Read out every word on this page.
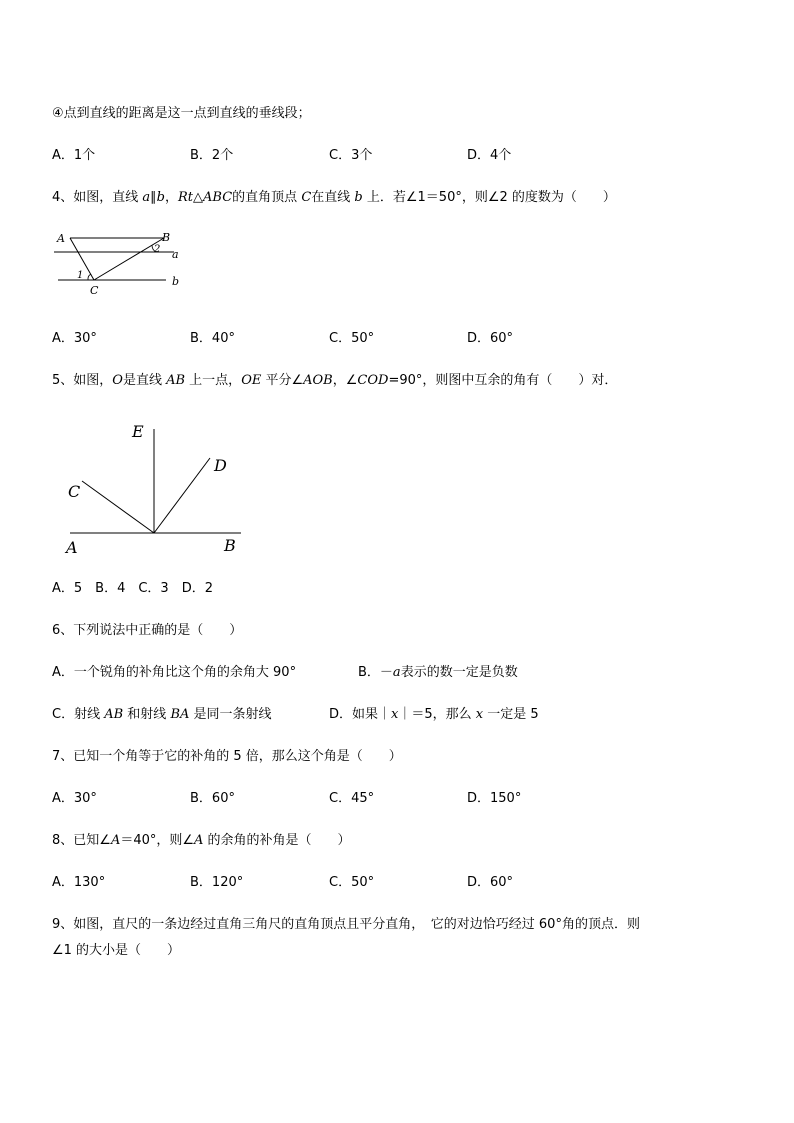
④点到直线的距离是这一点到直线的垂线段；
A．1个	B．2个	C．3个	D．4个
4、如图，直线 a∥b，Rt△ABC的直角顶点 C在直线 b 上．若∠1＝50°，则∠2 的度数为（　　）
A	B
a
b
C
1
2
A．30°	B．40°	C．50°	D．60°
5、如图，O是直线 AB 上一点，OE 平分∠AOB，∠COD=90°，则图中互余的角有（　　）对．
E
D
C
A	B
A．5　B．4　C．3　D．2
6、下列说法中正确的是（　　）
A．一个锐角的补角比这个角的余角大 90°	B．－a表示的数一定是负数
C．射线 AB 和射线 BA 是同一条射线	D．如果｜x｜＝5，那么 x 一定是 5
7、已知一个角等于它的补角的 5 倍，那么这个角是（　　）
A．30°	B．60°	C．45°	D．150°
8、已知∠A＝40°，则∠A 的余角的补角是（　　）
A．130°	B．120°	C．50°	D．60°
9、如图，直尺的一条边经过直角三角尺的直角顶点且平分直角，　它的对边恰巧经过 60°角的顶点．则
∠1 的大小是（　　）
